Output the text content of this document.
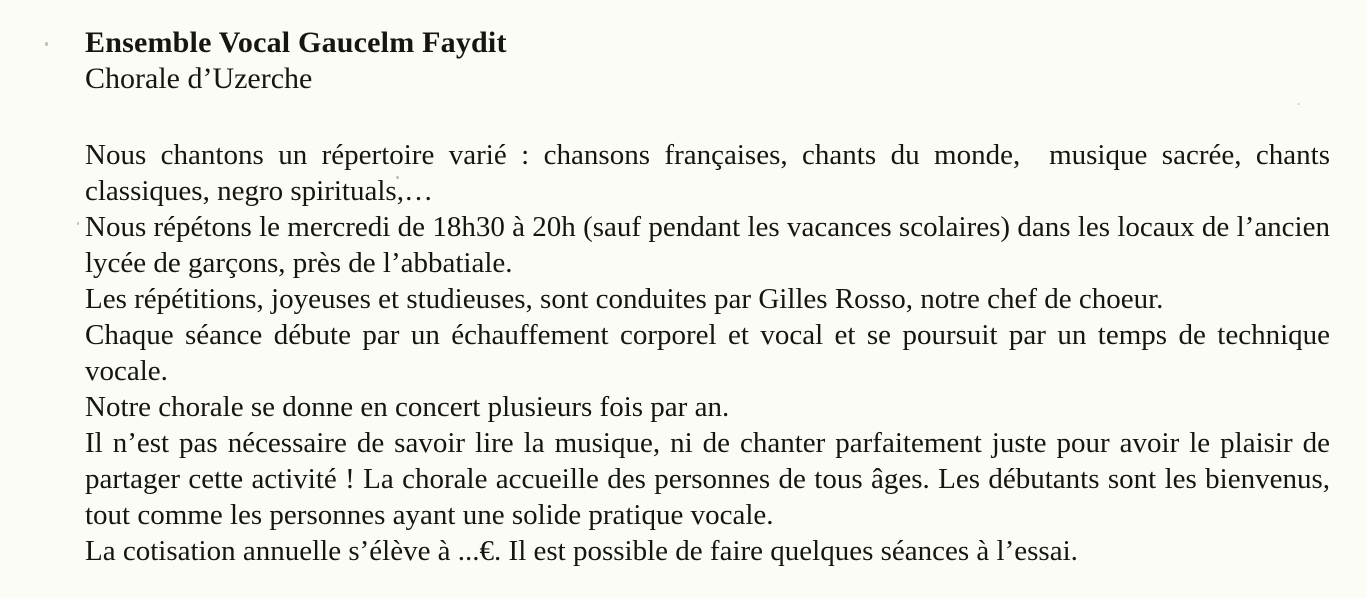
Ensemble Vocal Gaucelm Faydit
Chorale d’Uzerche

Nous chantons un répertoire varié : chansons françaises, chants du monde,  musique sacrée, chants classiques, negro spirituals,…

Nous répétons le mercredi de 18h30 à 20h (sauf pendant les vacances scolaires) dans les locaux de l’ancien lycée de garçons, près de l’abbatiale.

Les répétitions, joyeuses et studieuses, sont conduites par Gilles Rosso, notre chef de choeur.

Chaque séance débute par un échauffement corporel et vocal et se poursuit par un temps de technique vocale.

Notre chorale se donne en concert plusieurs fois par an.

Il n’est pas nécessaire de savoir lire la musique, ni de chanter parfaitement juste pour avoir le plaisir de partager cette activité ! La chorale accueille des personnes de tous âges. Les débutants sont les bienvenus, tout comme les personnes ayant une solide pratique vocale.

La cotisation annuelle s’élève à ...€. Il est possible de faire quelques séances à l’essai.
